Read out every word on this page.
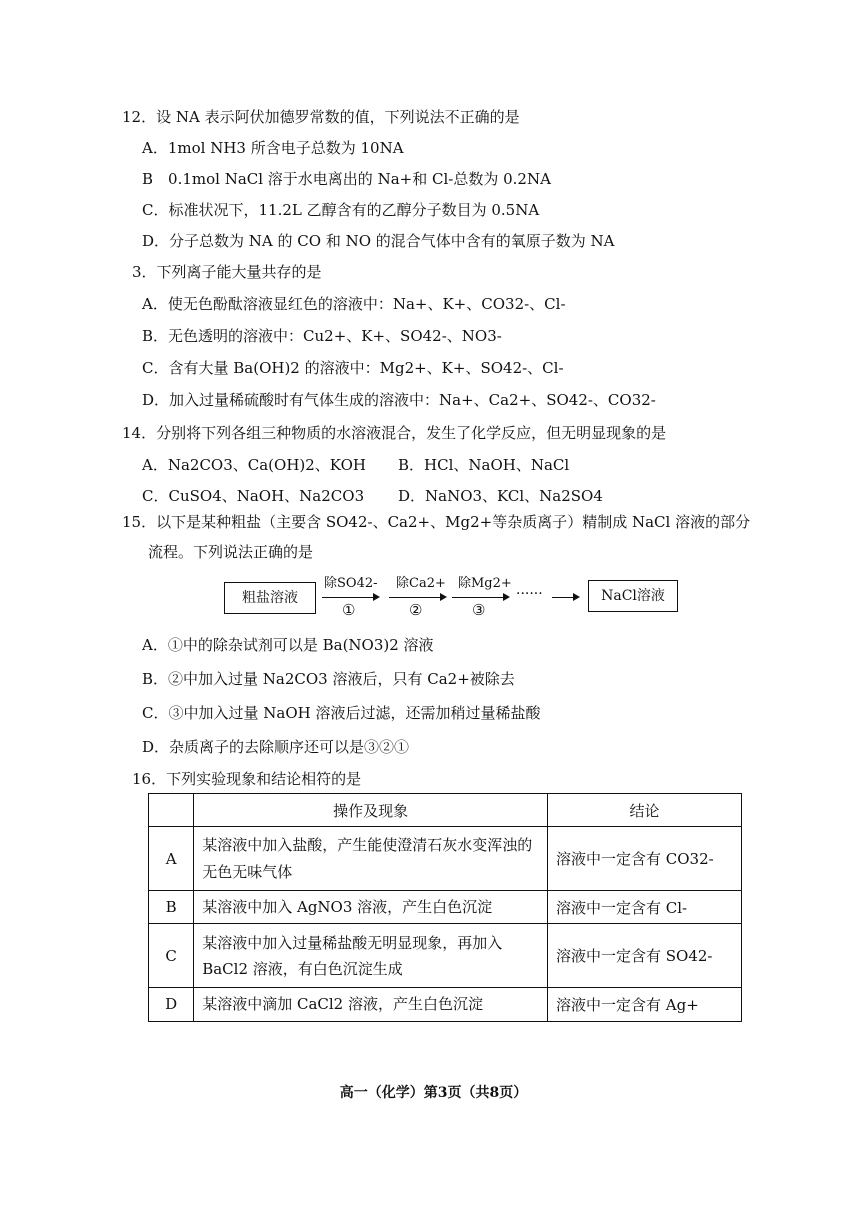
12．设 NA 表示阿伏加德罗常数的值，下列说法不正确的是
A．1mol NH3 所含电子总数为 10NA
B　0.1mol NaCl 溶于水电离出的 Na+和 Cl-总数为 0.2NA
C．标准状况下，11.2L 乙醇含有的乙醇分子数目为 0.5NA
D．分子总数为 NA 的 CO 和 NO 的混合气体中含有的氧原子数为 NA
3．下列离子能大量共存的是
A．使无色酚酞溶液显红色的溶液中：Na+、K+、CO32-、Cl-
B．无色透明的溶液中：Cu2+、K+、SO42-、NO3-
C．含有大量 Ba(OH)2 的溶液中：Mg2+、K+、SO42-、Cl-
D．加入过量稀硫酸时有气体生成的溶液中：Na+、Ca2+、SO42-、CO32-
14．分别将下列各组三种物质的水溶液混合，发生了化学反应，但无明显现象的是
A．Na2CO3、Ca(OH)2、KOH B．HCl、NaOH、NaCl
C．CuSO4、NaOH、Na2CO3 D．NaNO3、KCl、Na2SO4
15．以下是某种粗盐（主要含 SO42-、Ca2+、Mg2+等杂质离子）精制成 NaCl 溶液的部分
流程。下列说法正确的是
粗盐溶液
除SO42-
①
除Ca2+
②
除Mg2+
③
······	NaCl溶液
A．①中的除杂试剂可以是 Ba(NO3)2 溶液
B．②中加入过量 Na2CO3 溶液后，只有 Ca2+被除去
C．③中加入过量 NaOH 溶液后过滤，还需加稍过量稀盐酸
D．杂质离子的去除顺序还可以是③②①
16．下列实验现象和结论相符的是
	操作及现象	结论
A	某溶液中加入盐酸，产生能使澄清石灰水变浑浊的无色无味气体	溶液中一定含有 CO32-
B	某溶液中加入 AgNO3 溶液，产生白色沉淀	溶液中一定含有 Cl-
C	某溶液中加入过量稀盐酸无明显现象，再加入 BaCl2 溶液，有白色沉淀生成	溶液中一定含有 SO42-
D	某溶液中滴加 CaCl2 溶液，产生白色沉淀	溶液中一定含有 Ag+
高一（化学）第3页（共8页）
